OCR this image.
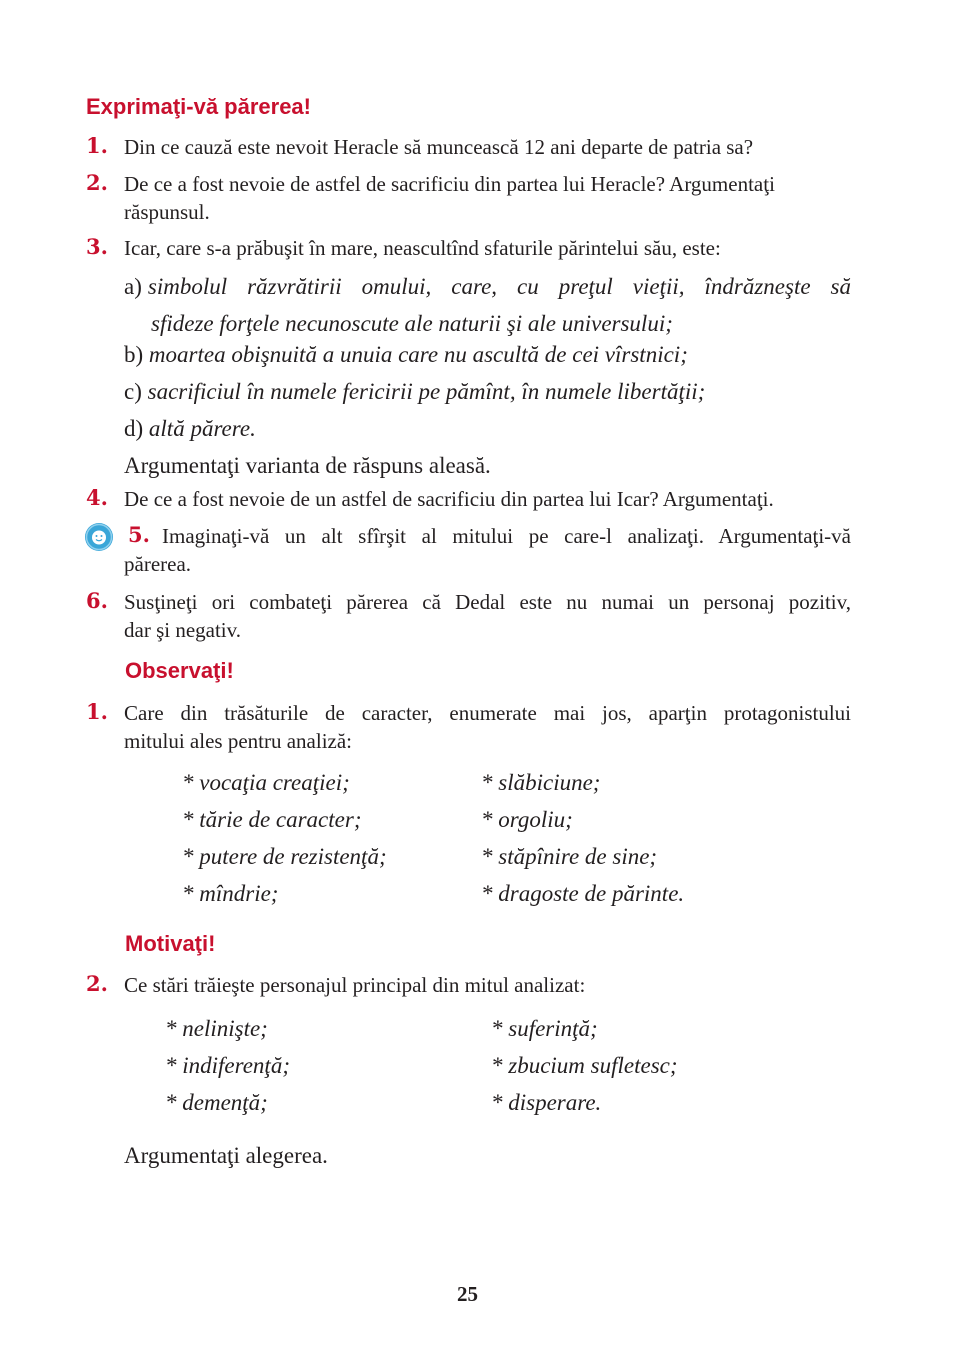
Exprimaţi-vă părerea!
1. Din ce cauză este nevoit Heracle să muncească 12 ani departe de patria sa?
2. De ce a fost nevoie de astfel de sacrificiu din partea lui Heracle? Argumentaţi
răspunsul.
3. Icar, care s-a prăbuşit în mare, neascultînd sfaturile părintelui său, este:
a) simbolul răzvrătirii omului, care, cu preţul vieţii, îndrăzneşte să
sfideze forţele necunoscute ale naturii şi ale universului;
b) moartea obişnuită a unuia care nu ascultă de cei vîrstnici;
c) sacrificiul în numele fericirii pe pămînt, în numele libertăţii;
d) altă părere.
Argumentaţi varianta de răspuns aleasă.
4. De ce a fost nevoie de un astfel de sacrificiu din partea lui Icar? Argumentaţi.
5. Imaginaţi-vă un alt sfîrşit al mitului pe care-l analizaţi. Argumentaţi-vă
părerea.
6. Susţineţi ori combateţi părerea că Dedal este nu numai un personaj pozitiv,
dar şi negativ.
Observaţi!
1. Care din trăsăturile de caracter, enumerate mai jos, aparţin protagonistului
mitului ales pentru analiză:
* vocaţia creaţiei;
* tărie de caracter;
* putere de rezistenţă;
* mîndrie;
* slăbiciune;
* orgoliu;
* stăpînire de sine;
* dragoste de părinte.
Motivaţi!
2. Ce stări trăieşte personajul principal din mitul analizat:
* nelinişte;
* indiferenţă;
* demenţă;
* suferinţă;
* zbucium sufletesc;
* disperare.
Argumentaţi alegerea.
25
